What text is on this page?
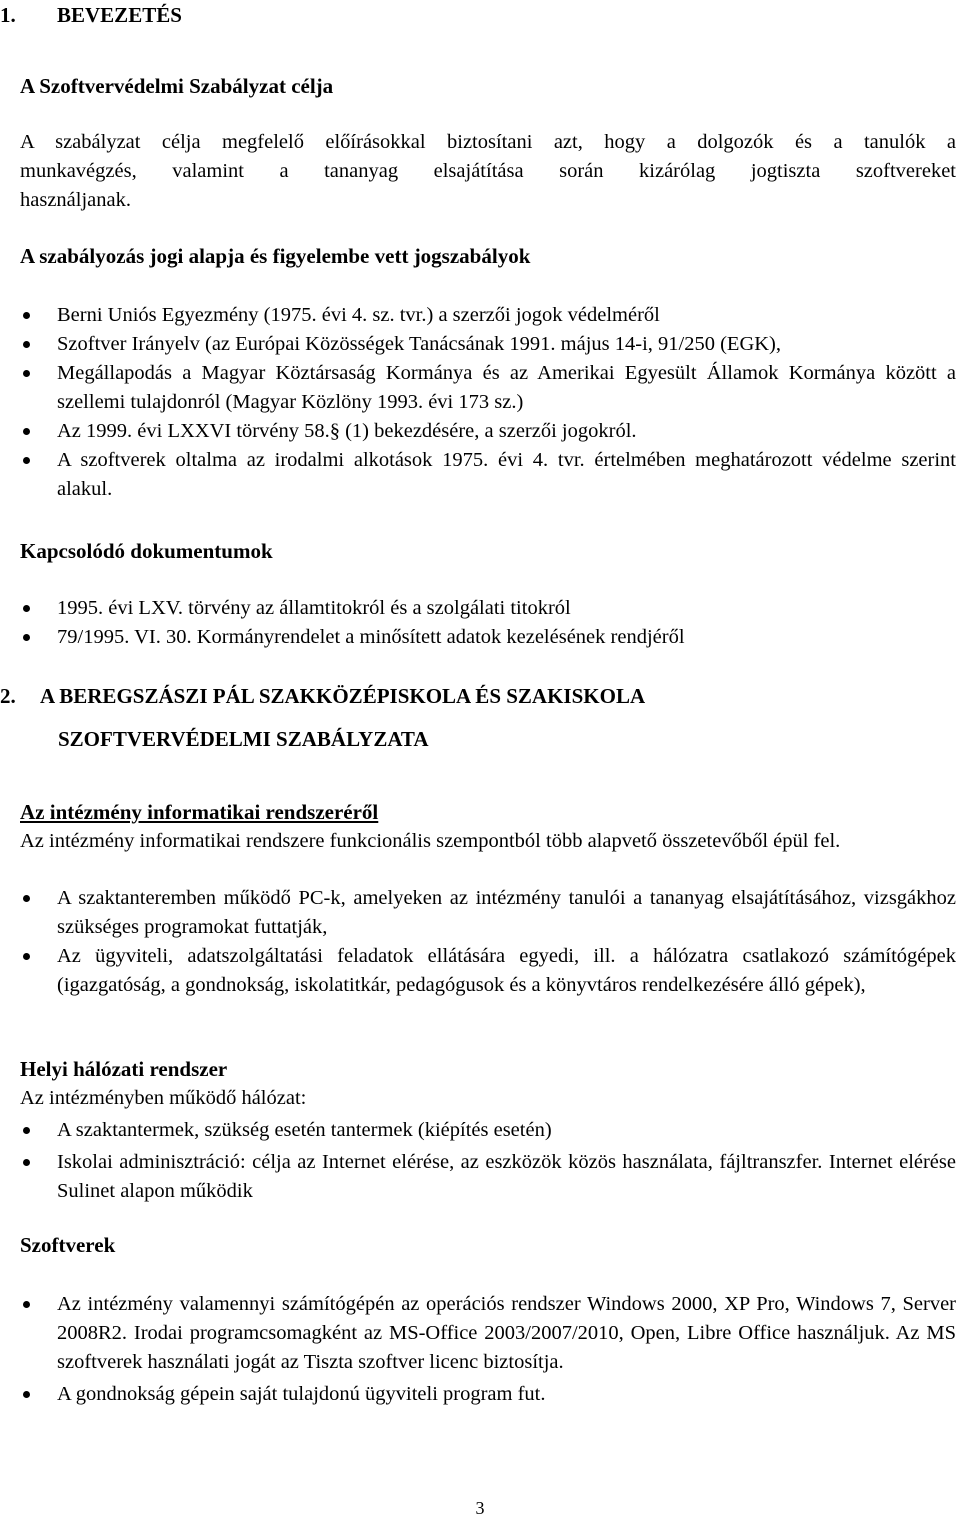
1.	BEVEZETÉS
A Szoftvervédelmi Szabályzat célja
A szabályzat célja megfelelő előírásokkal biztosítani azt, hogy a dolgozók és a tanulók a
munkavégzés, valamint a tananyag elsajátítása során kizárólag jogtiszta szoftvereket
használjanak.
A szabályozás jogi alapja és figyelembe vett jogszabályok
Berni Uniós Egyezmény (1975. évi 4. sz. tvr.) a szerzői jogok védelméről
Szoftver Irányelv (az Európai Közösségek Tanácsának 1991. május 14-i, 91/250 (EGK),
Megállapodás a Magyar Köztársaság Kormánya és az Amerikai Egyesült Államok Kormánya között a szellemi tulajdonról (Magyar Közlöny 1993. évi 173 sz.)
Az 1999. évi LXXVI törvény 58.§ (1) bekezdésére, a szerzői jogokról.
A szoftverek oltalma az irodalmi alkotások 1975. évi 4. tvr. értelmében meghatározott védelme szerint alakul.
Kapcsolódó dokumentumok
1995. évi LXV. törvény az államtitokról és a szolgálati titokról
79/1995. VI. 30. Kormányrendelet a minősített adatok kezelésének rendjéről
2.	A BEREGSZÁSZI PÁL SZAKKÖZÉPISKOLA ÉS SZAKISKOLA
SZOFTVERVÉDELMI SZABÁLYZATA
Az intézmény informatikai rendszeréről
Az intézmény informatikai rendszere funkcionális szempontból több alapvető összetevőből épül fel.
A szaktanteremben működő PC-k, amelyeken az intézmény tanulói a tananyag elsajátításához, vizsgákhoz szükséges programokat futtatják,
Az ügyviteli, adatszolgáltatási feladatok ellátására egyedi, ill. a hálózatra csatlakozó számítógépek (igazgatóság, a gondnokság, iskolatitkár, pedagógusok és a könyvtáros rendelkezésére álló gépek),
Helyi hálózati rendszer
Az intézményben működő hálózat:
A szaktantermek, szükség esetén tantermek (kiépítés esetén)
Iskolai adminisztráció: célja az Internet elérése, az eszközök közös használata, fájltranszfer. Internet elérése Sulinet alapon működik
Szoftverek
Az intézmény valamennyi számítógépén az operációs rendszer Windows 2000, XP Pro, Windows 7, Server 2008R2. Irodai programcsomagként az MS-Office 2003/2007/2010, Open, Libre Office használjuk. Az MS szoftverek használati jogát az Tiszta szoftver licenc biztosítja.
A gondnokság gépein saját tulajdonú ügyviteli program fut.
3
